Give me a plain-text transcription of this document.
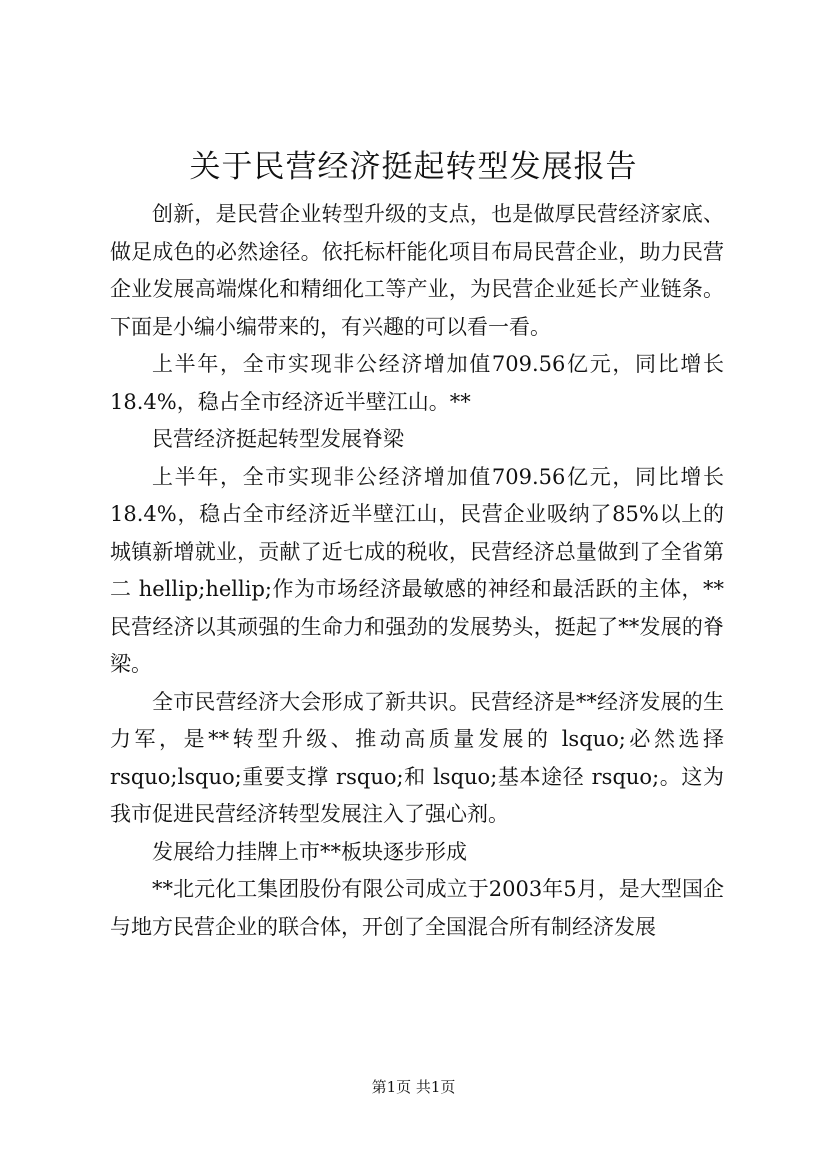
关于民营经济挺起转型发展报告

创新，是民营企业转型升级的支点，也是做厚民营经济家底、做足成色的必然途径。依托标杆能化项目布局民营企业，助力民营企业发展高端煤化和精细化工等产业，为民营企业延长产业链条。下面是小编小编带来的，有兴趣的可以看一看。

上半年，全市实现非公经济增加值709.56亿元，同比增长18.4%，稳占全市经济近半壁江山。**

民营经济挺起转型发展脊梁

上半年，全市实现非公经济增加值709.56亿元，同比增长18.4%，稳占全市经济近半壁江山，民营企业吸纳了85%以上的城镇新增就业，贡献了近七成的税收，民营经济总量做到了全省第二 hellip;hellip;作为市场经济最敏感的神经和最活跃的主体，**民营经济以其顽强的生命力和强劲的发展势头，挺起了**发展的脊梁。

全市民营经济大会形成了新共识。民营经济是**经济发展的生力军，是**转型升级、推动高质量发展的 lsquo;必然选择 rsquo;lsquo;重要支撑 rsquo;和 lsquo;基本途径 rsquo;。这为我市促进民营经济转型发展注入了强心剂。

发展给力挂牌上市**板块逐步形成

**北元化工集团股份有限公司成立于2003年5月，是大型国企与地方民营企业的联合体，开创了全国混合所有制经济发展

第1页 共1页
